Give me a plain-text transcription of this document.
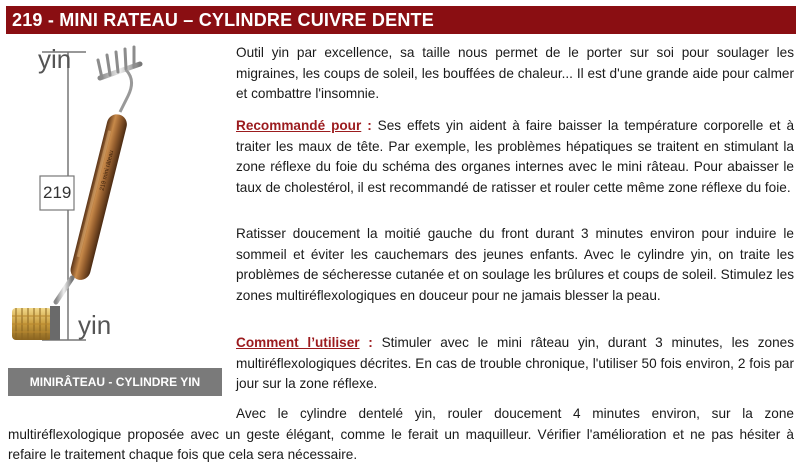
219 - MINI RATEAU – CYLINDRE CUIVRE DENTE
219 mini râteau
yin
yin
219
MINIRÂTEAU - CYLINDRE YIN

Outil yin par excellence, sa taille nous permet de le porter sur soi pour soulager les migraines, les coups de soleil, les bouffées de chaleur... Il est d'une grande aide pour calmer et combattre l'insomnie.

Recommandé pour : Ses effets yin aident à faire baisser la température corporelle et à traiter les maux de tête. Par exemple, les problèmes hépatiques se traitent en stimulant la zone réflexe du foie du schéma des organes internes avec le mini râteau. Pour abaisser le taux de cholestérol, il est recommandé de ratisser et rouler cette même zone réflexe du foie.

Ratisser doucement la moitié gauche du front durant 3 minutes environ pour induire le sommeil et éviter les cauchemars des jeunes enfants. Avec le cylindre yin, on traite les problèmes de sécheresse cutanée et on soulage les brûlures et coups de soleil. Stimulez les zones multiréflexologiques en douceur pour ne jamais blesser la peau.

Comment l’utiliser : Stimuler avec le mini râteau yin, durant 3 minutes, les zones multiréflexologiques décrites. En cas de trouble chronique, l'utiliser 50 fois environ, 2 fois par jour sur la zone réflexe.

Avec le cylindre dentelé yin, rouler doucement 4 minutes environ, sur la zone multiréflexologique proposée avec un geste élégant, comme le ferait un maquilleur. Vérifier l'amélioration et ne pas hésiter à refaire le traitement chaque fois que cela sera nécessaire.
